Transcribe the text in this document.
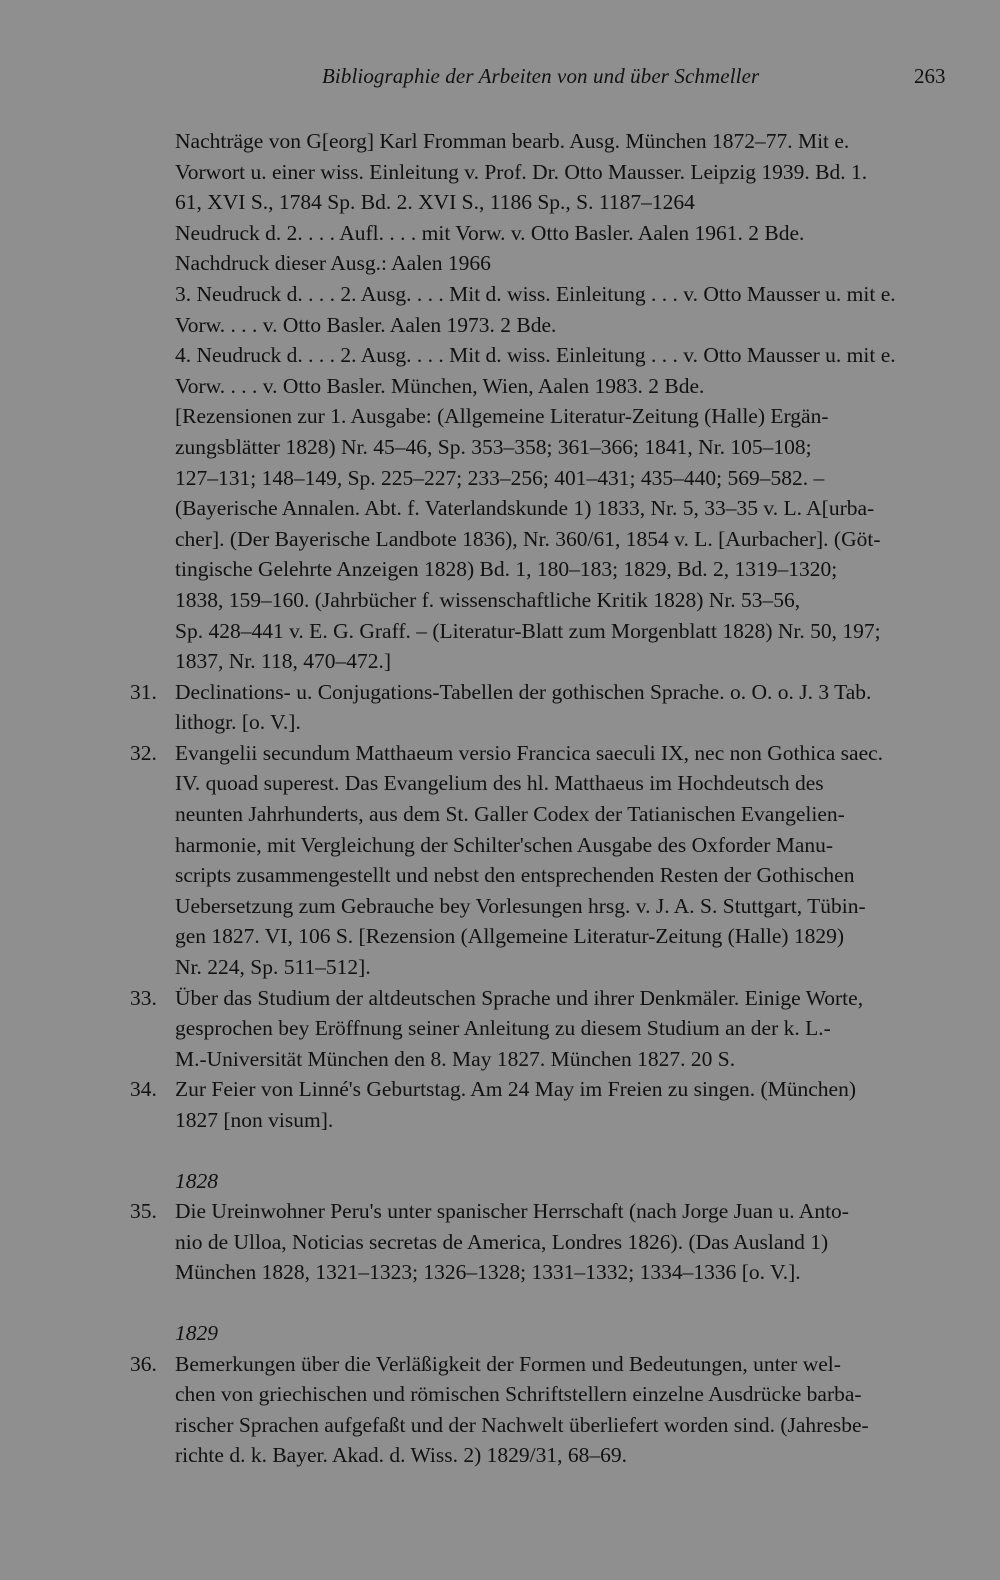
Bibliographie der Arbeiten von und über Schmeller	263
Nachträge von G[eorg] Karl Fromman bearb. Ausg. München 1872–77. Mit e.
Vorwort u. einer wiss. Einleitung v. Prof. Dr. Otto Mausser. Leipzig 1939. Bd. 1.
61, XVI S., 1784 Sp. Bd. 2. XVI S., 1186 Sp., S. 1187–1264
Neudruck d. 2. . . . Aufl. . . . mit Vorw. v. Otto Basler. Aalen 1961. 2 Bde.
Nachdruck dieser Ausg.: Aalen 1966
3. Neudruck d. . . . 2. Ausg. . . . Mit d. wiss. Einleitung . . . v. Otto Mausser u. mit e.
Vorw. . . . v. Otto Basler. Aalen 1973. 2 Bde.
4. Neudruck d. . . . 2. Ausg. . . . Mit d. wiss. Einleitung . . . v. Otto Mausser u. mit e.
Vorw. . . . v. Otto Basler. München, Wien, Aalen 1983. 2 Bde.
[Rezensionen zur 1. Ausgabe: (Allgemeine Literatur-Zeitung (Halle) Ergän-
zungsblätter 1828) Nr. 45–46, Sp. 353–358; 361–366; 1841, Nr. 105–108;
127–131; 148–149, Sp. 225–227; 233–256; 401–431; 435–440; 569–582. –
(Bayerische Annalen. Abt. f. Vaterlandskunde 1) 1833, Nr. 5, 33–35 v. L. A[urba-
cher]. (Der Bayerische Landbote 1836), Nr. 360/61, 1854 v. L. [Aurbacher]. (Göt-
tingische Gelehrte Anzeigen 1828) Bd. 1, 180–183; 1829, Bd. 2, 1319–1320;
1838, 159–160. (Jahrbücher f. wissenschaftliche Kritik 1828) Nr. 53–56,
Sp. 428–441 v. E. G. Graff. – (Literatur-Blatt zum Morgenblatt 1828) Nr. 50, 197;
1837, Nr. 118, 470–472.]
31. Declinations- u. Conjugations-Tabellen der gothischen Sprache. o. O. o. J. 3 Tab.
lithogr. [o. V.].
32. Evangelii secundum Matthaeum versio Francica saeculi IX, nec non Gothica saec.
IV. quoad superest. Das Evangelium des hl. Matthaeus im Hochdeutsch des
neunten Jahrhunderts, aus dem St. Galler Codex der Tatianischen Evangelien-
harmonie, mit Vergleichung der Schilter'schen Ausgabe des Oxforder Manu-
scripts zusammengestellt und nebst den entsprechenden Resten der Gothischen
Uebersetzung zum Gebrauche bey Vorlesungen hrsg. v. J. A. S. Stuttgart, Tübin-
gen 1827. VI, 106 S. [Rezension (Allgemeine Literatur-Zeitung (Halle) 1829)
Nr. 224, Sp. 511–512].
33. Über das Studium der altdeutschen Sprache und ihrer Denkmäler. Einige Worte,
gesprochen bey Eröffnung seiner Anleitung zu diesem Studium an der k. L.-
M.-Universität München den 8. May 1827. München 1827. 20 S.
34. Zur Feier von Linné's Geburtstag. Am 24 May im Freien zu singen. (München)
1827 [non visum].
1828
35. Die Ureinwohner Peru's unter spanischer Herrschaft (nach Jorge Juan u. Anto-
nio de Ulloa, Noticias secretas de America, Londres 1826). (Das Ausland 1)
München 1828, 1321–1323; 1326–1328; 1331–1332; 1334–1336 [o. V.].
1829
36. Bemerkungen über die Verläßigkeit der Formen und Bedeutungen, unter wel-
chen von griechischen und römischen Schriftstellern einzelne Ausdrücke barba-
rischer Sprachen aufgefaßt und der Nachwelt überliefert worden sind. (Jahresbe-
richte d. k. Bayer. Akad. d. Wiss. 2) 1829/31, 68–69.
